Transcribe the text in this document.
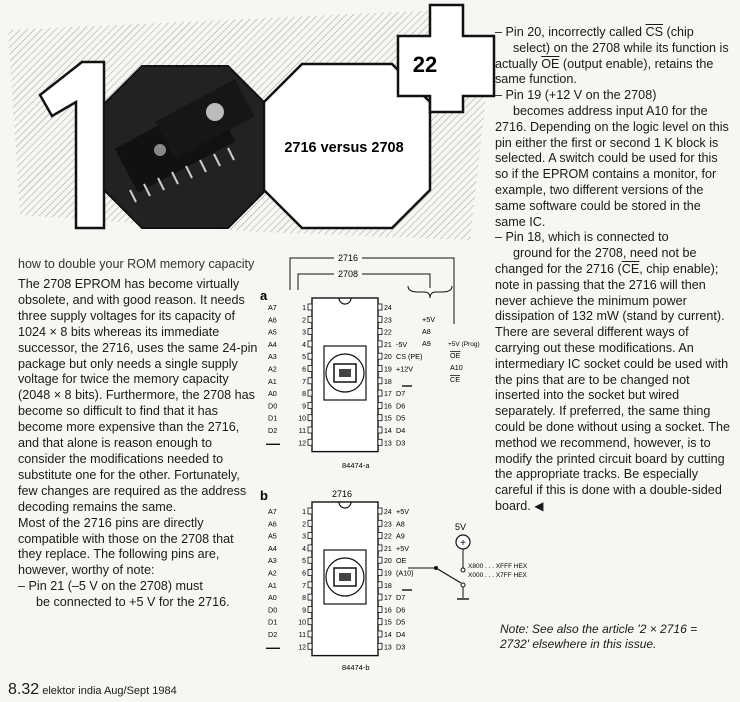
2716 versus 2708
22
how to double your ROM memory capacity

The 2708 EPROM has become virtually obsolete, and with good reason. It needs three supply voltages for its capacity of 1024 × 8 bits whereas its immediate successor, the 2716, uses the same 24-pin package but only needs a single supply voltage for twice the memory capacity (2048 × 8 bits). Furthermore, the 2708 has become so difficult to find that it has become more expensive than the 2716, and that alone is reason enough to consider the modifications needed to substitute one for the other. Fortunately, few changes are required as the address decoding remains the same.

Most of the 2716 pins are directly compatible with those on the 2708 that they replace. The following pins are, however, worthy of note:

– Pin 21 (–5 V on the 2708) must

be connected to +5 V for the 2716.

– Pin 20, incorrectly called $\overline{CS}$ (chip
select) on the 2708 while its function is actually $\overline{OE}$ (output enable), retains the same function.

– Pin 19 (+12 V on the 2708)
becomes address input A10 for the 2716. Depending on the logic level on this pin either the first or second 1 K block is selected. A switch could be used for this so if the EPROM contains a monitor, for example, two different versions of the same software could be stored in the same IC.

– Pin 18, which is connected to
ground for the 2708, need not be changed for the 2716 ($\overline{CE}$, chip enable); note in passing that the 2716 will then never achieve the minimum power dissipation of 132 mW (stand by current).

There are several different ways of carrying out these modifications. An intermediary IC socket could be used with the pins that are to be changed not inserted into the socket but wired separately. If preferred, the same thing could be done without using a socket. The method we recommend, however, is to modify the printed circuit board by cutting the appropriate tracks. Be especially careful if this is done with a double-sided board. ◀

Note: See also the article '2 × 2716 = 2732' elsewhere in this issue.
8.32 elektor india Aug/Sept 1984
a
2716
2708
1
A7
2
A6
3
A5
4
A4
5
A3
6
A2
7
A1
8
A0
9
D0
10
D1
11
D2
12
24
23
22
21 -5V
20 CS (PE)
19 +12V
18
17 D7
16 D6
15 D5
14 D4
13 D3
+5V
A8
A9	+5V (Prog)
OE
A10
CE
84474-a
b	2716
1
A7
2
A6
3
A5
4
A4
5
A3
6
A2
7
A1
8
A0
9
D0
10
D1
11
D2
12
24 +5V
23 A8
22 A9
21 +5V
20 OE
19 (A10)
18
17 D7
16 D6
15 D5
14 D4
13 D3
5V
+
X800 . . . XFFF HEX
X000 . . . X7FF HEX
84474-b
